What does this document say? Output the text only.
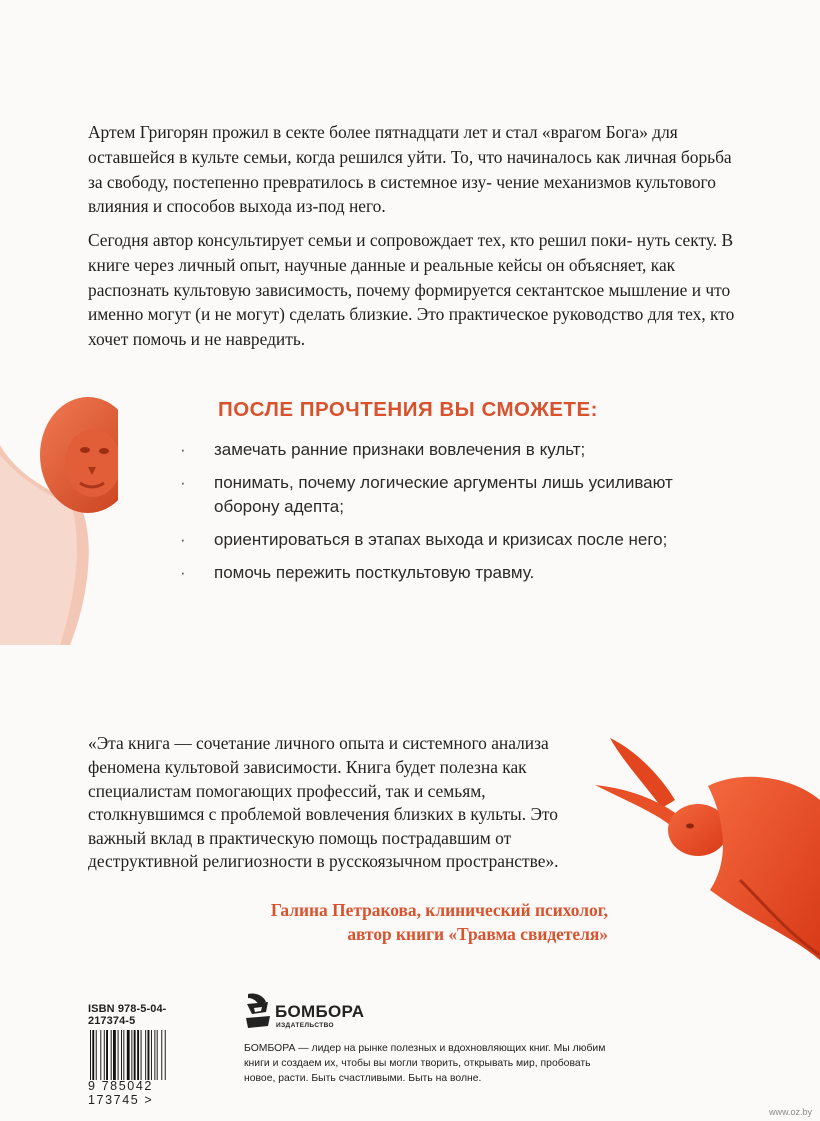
Артем Григорян прожил в секте более пятнадцати лет и стал «врагом Бога» для оставшейся в культе семьи, когда решился уйти. То, что начиналось как личная борьба за свободу, постепенно превратилось в системное изу- чение механизмов культового влияния и способов выхода из-под него.

Сегодня автор консультирует семьи и сопровождает тех, кто решил поки- нуть секту. В книге через личный опыт, научные данные и реальные кейсы он объясняет, как распознать культовую зависимость, почему формируется сектантское мышление и что именно могут (и не могут) сделать близкие. Это практическое руководство для тех, кто хочет помочь и не навредить.

ПОСЛЕ ПРОЧТЕНИЯ ВЫ СМОЖЕТЕ:
· замечать ранние признаки вовлечения в культ;
· понимать, почему логические аргументы лишь усиливают оборону адепта;
· ориентироваться в этапах выхода и кризисах после него;
· помочь пережить посткультовую травму.

«Эта книга — сочетание личного опыта и системного анализа феномена культовой зависимости. Книга будет полезна как специалистам помогающих профессий, так и семьям, столкнувшимся с проблемой вовлечения близких в культы. Это важный вклад в практическую помощь пострадавшим от деструктивной религиозности в русскоязычном пространстве».

Галина Петракова, клинический психолог,
автор книги «Травма свидетеля»
ISBN 978-5-04-217374-5
9 785042 173745 >
БОМБОРА
ИЗДАТЕЛЬСТВО
БОМБОРА — лидер на рынке полезных и вдохновляющих книг. Мы любим книги и создаем их, чтобы вы могли творить, открывать мир, пробовать новое, расти. Быть счастливыми. Быть на волне.
www.oz.by
